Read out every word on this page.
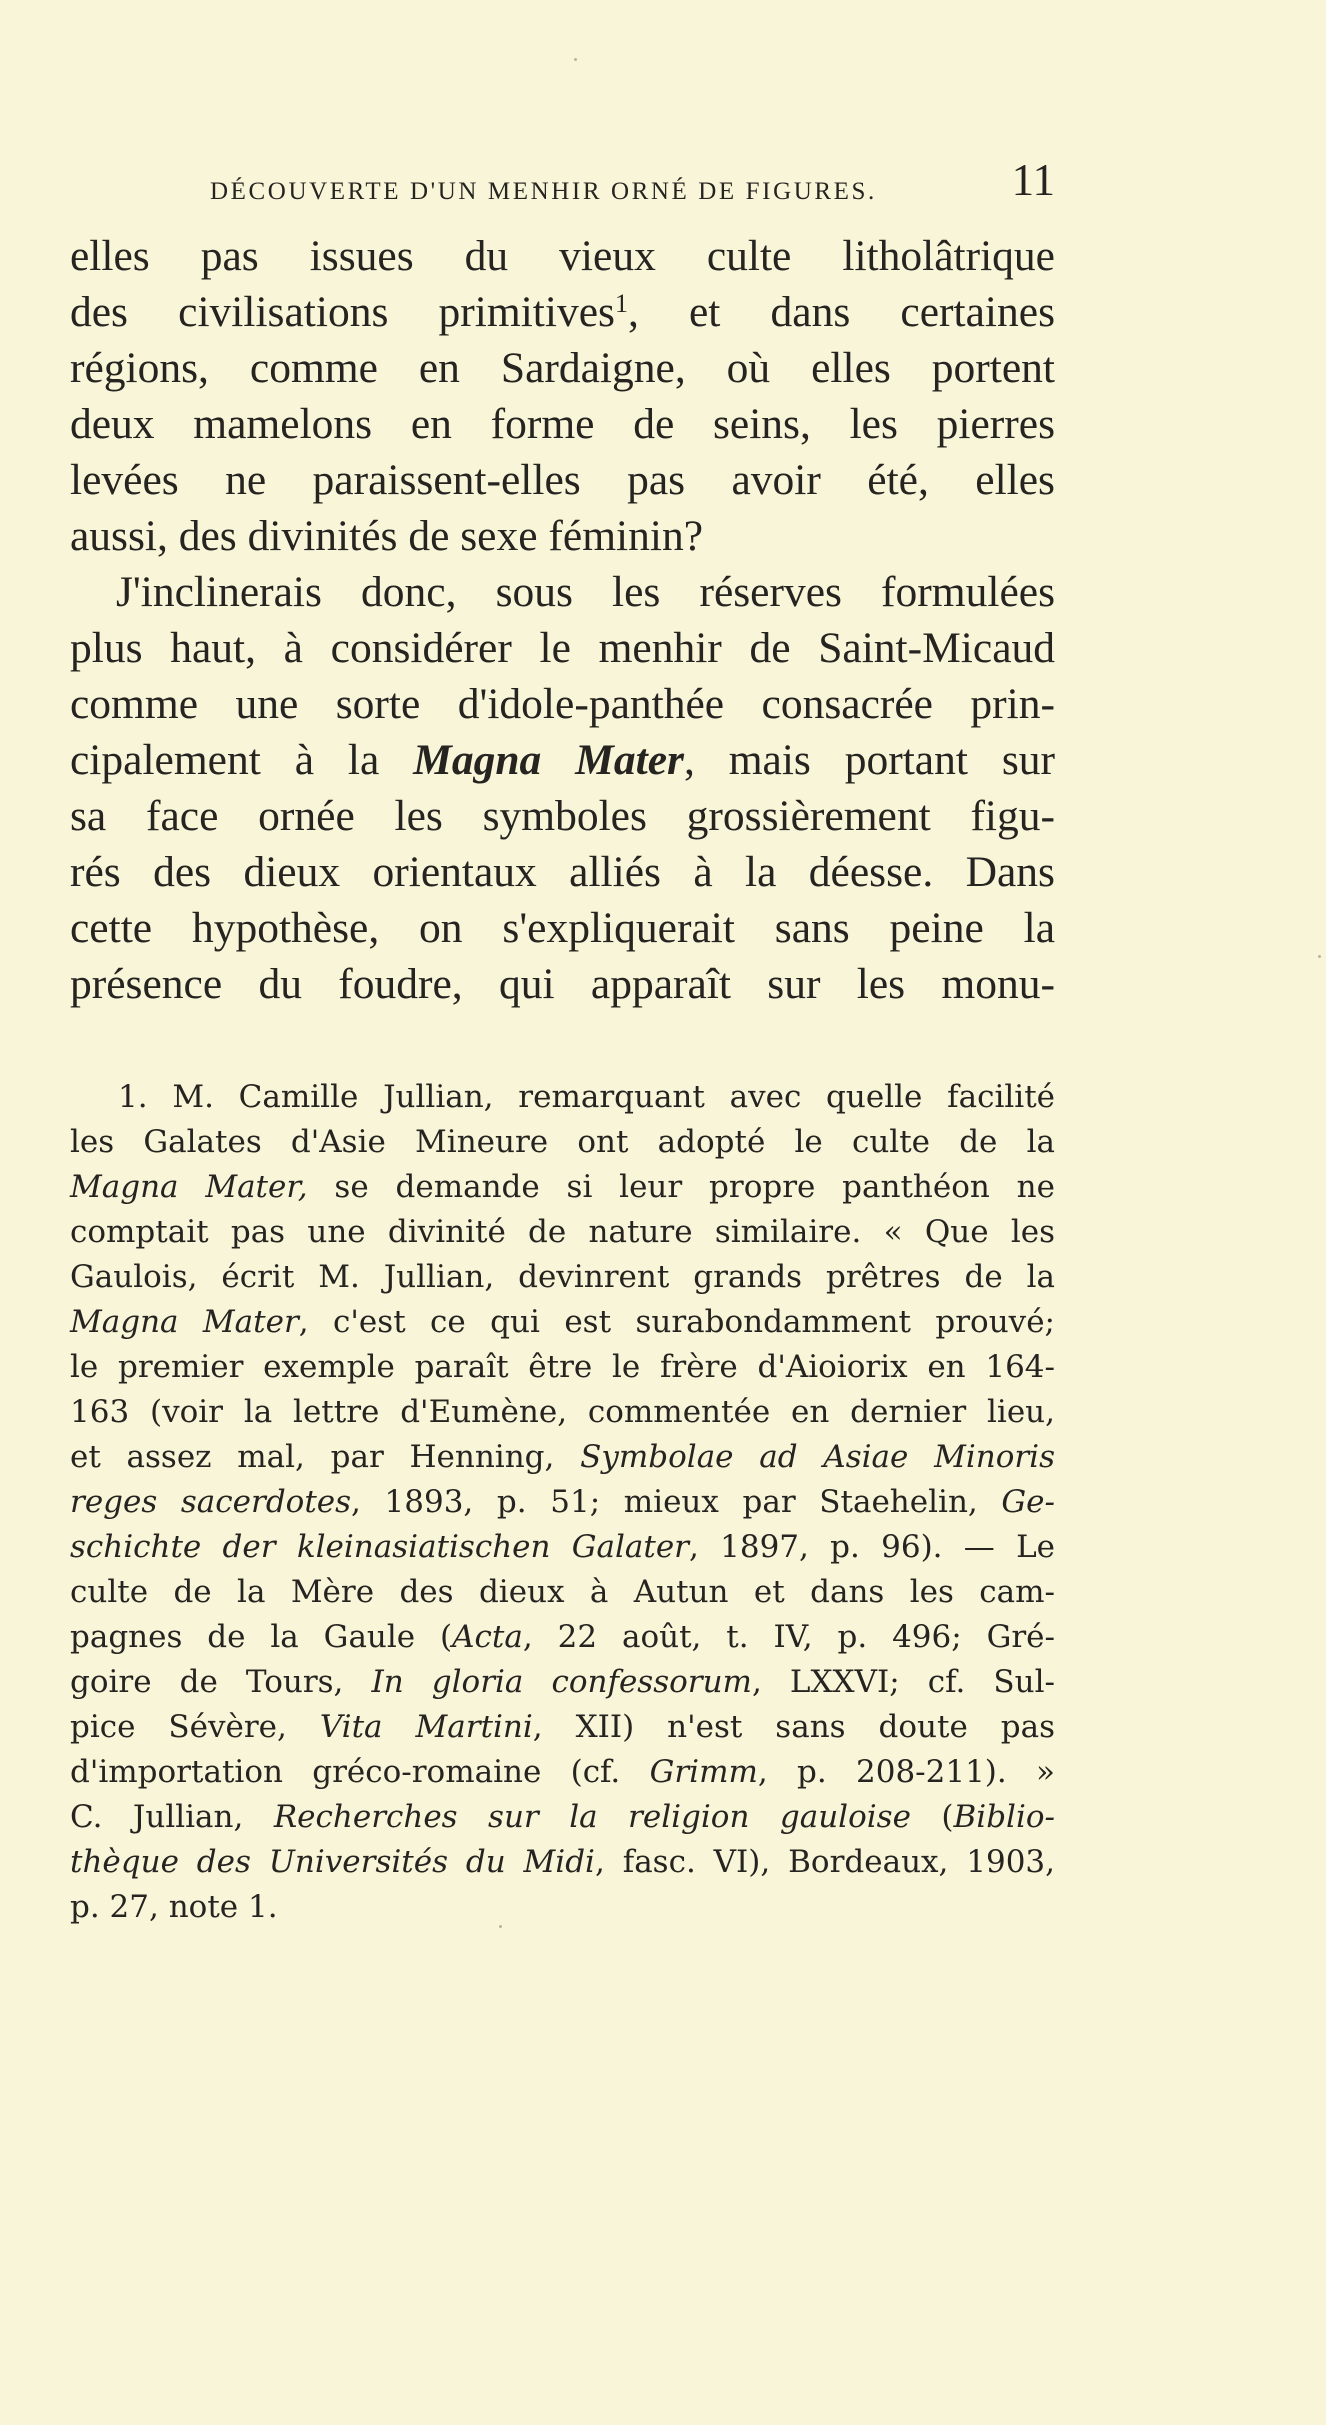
DÉCOUVERTE D'UN MENHIR ORNÉ DE FIGURES.	11
elles pas issues du vieux culte litholâtrique
des civilisations primitives$^1$, et dans certaines
régions, comme en Sardaigne, où elles portent
deux mamelons en forme de seins, les pierres
levées ne paraissent-elles pas avoir été, elles
aussi, des divinités de sexe féminin?
J'inclinerais donc, sous les réserves formulées
plus haut, à considérer le menhir de Saint-Micaud
comme une sorte d'idole-panthée consacrée prin-
cipalement à la Magna Mater, mais portant sur
sa face ornée les symboles grossièrement figu-
rés des dieux orientaux alliés à la déesse. Dans
cette hypothèse, on s'expliquerait sans peine la
présence du foudre, qui apparaît sur les monu-
1. M. Camille Jullian, remarquant avec quelle facilité
les Galates d'Asie Mineure ont adopté le culte de la
Magna Mater, se demande si leur propre panthéon ne
comptait pas une divinité de nature similaire. « Que les
Gaulois, écrit M. Jullian, devinrent grands prêtres de la
Magna Mater, c'est ce qui est surabondamment prouvé;
le premier exemple paraît être le frère d'Aioiorix en 164-
163 (voir la lettre d'Eumène, commentée en dernier lieu,
et assez mal, par Henning, Symbolae ad Asiae Minoris
reges sacerdotes, 1893, p. 51; mieux par Staehelin, Ge-
schichte der kleinasiatischen Galater, 1897, p. 96). — Le
culte de la Mère des dieux à Autun et dans les cam-
pagnes de la Gaule (Acta, 22 août, t. IV, p. 496; Gré-
goire de Tours, In gloria confessorum, LXXVI; cf. Sul-
pice Sévère, Vita Martini, XII) n'est sans doute pas
d'importation gréco-romaine (cf. Grimm, p. 208-211). »
C. Jullian, Recherches sur la religion gauloise (Biblio-
thèque des Universités du Midi, fasc. VI), Bordeaux, 1903,
p. 27, note 1.
